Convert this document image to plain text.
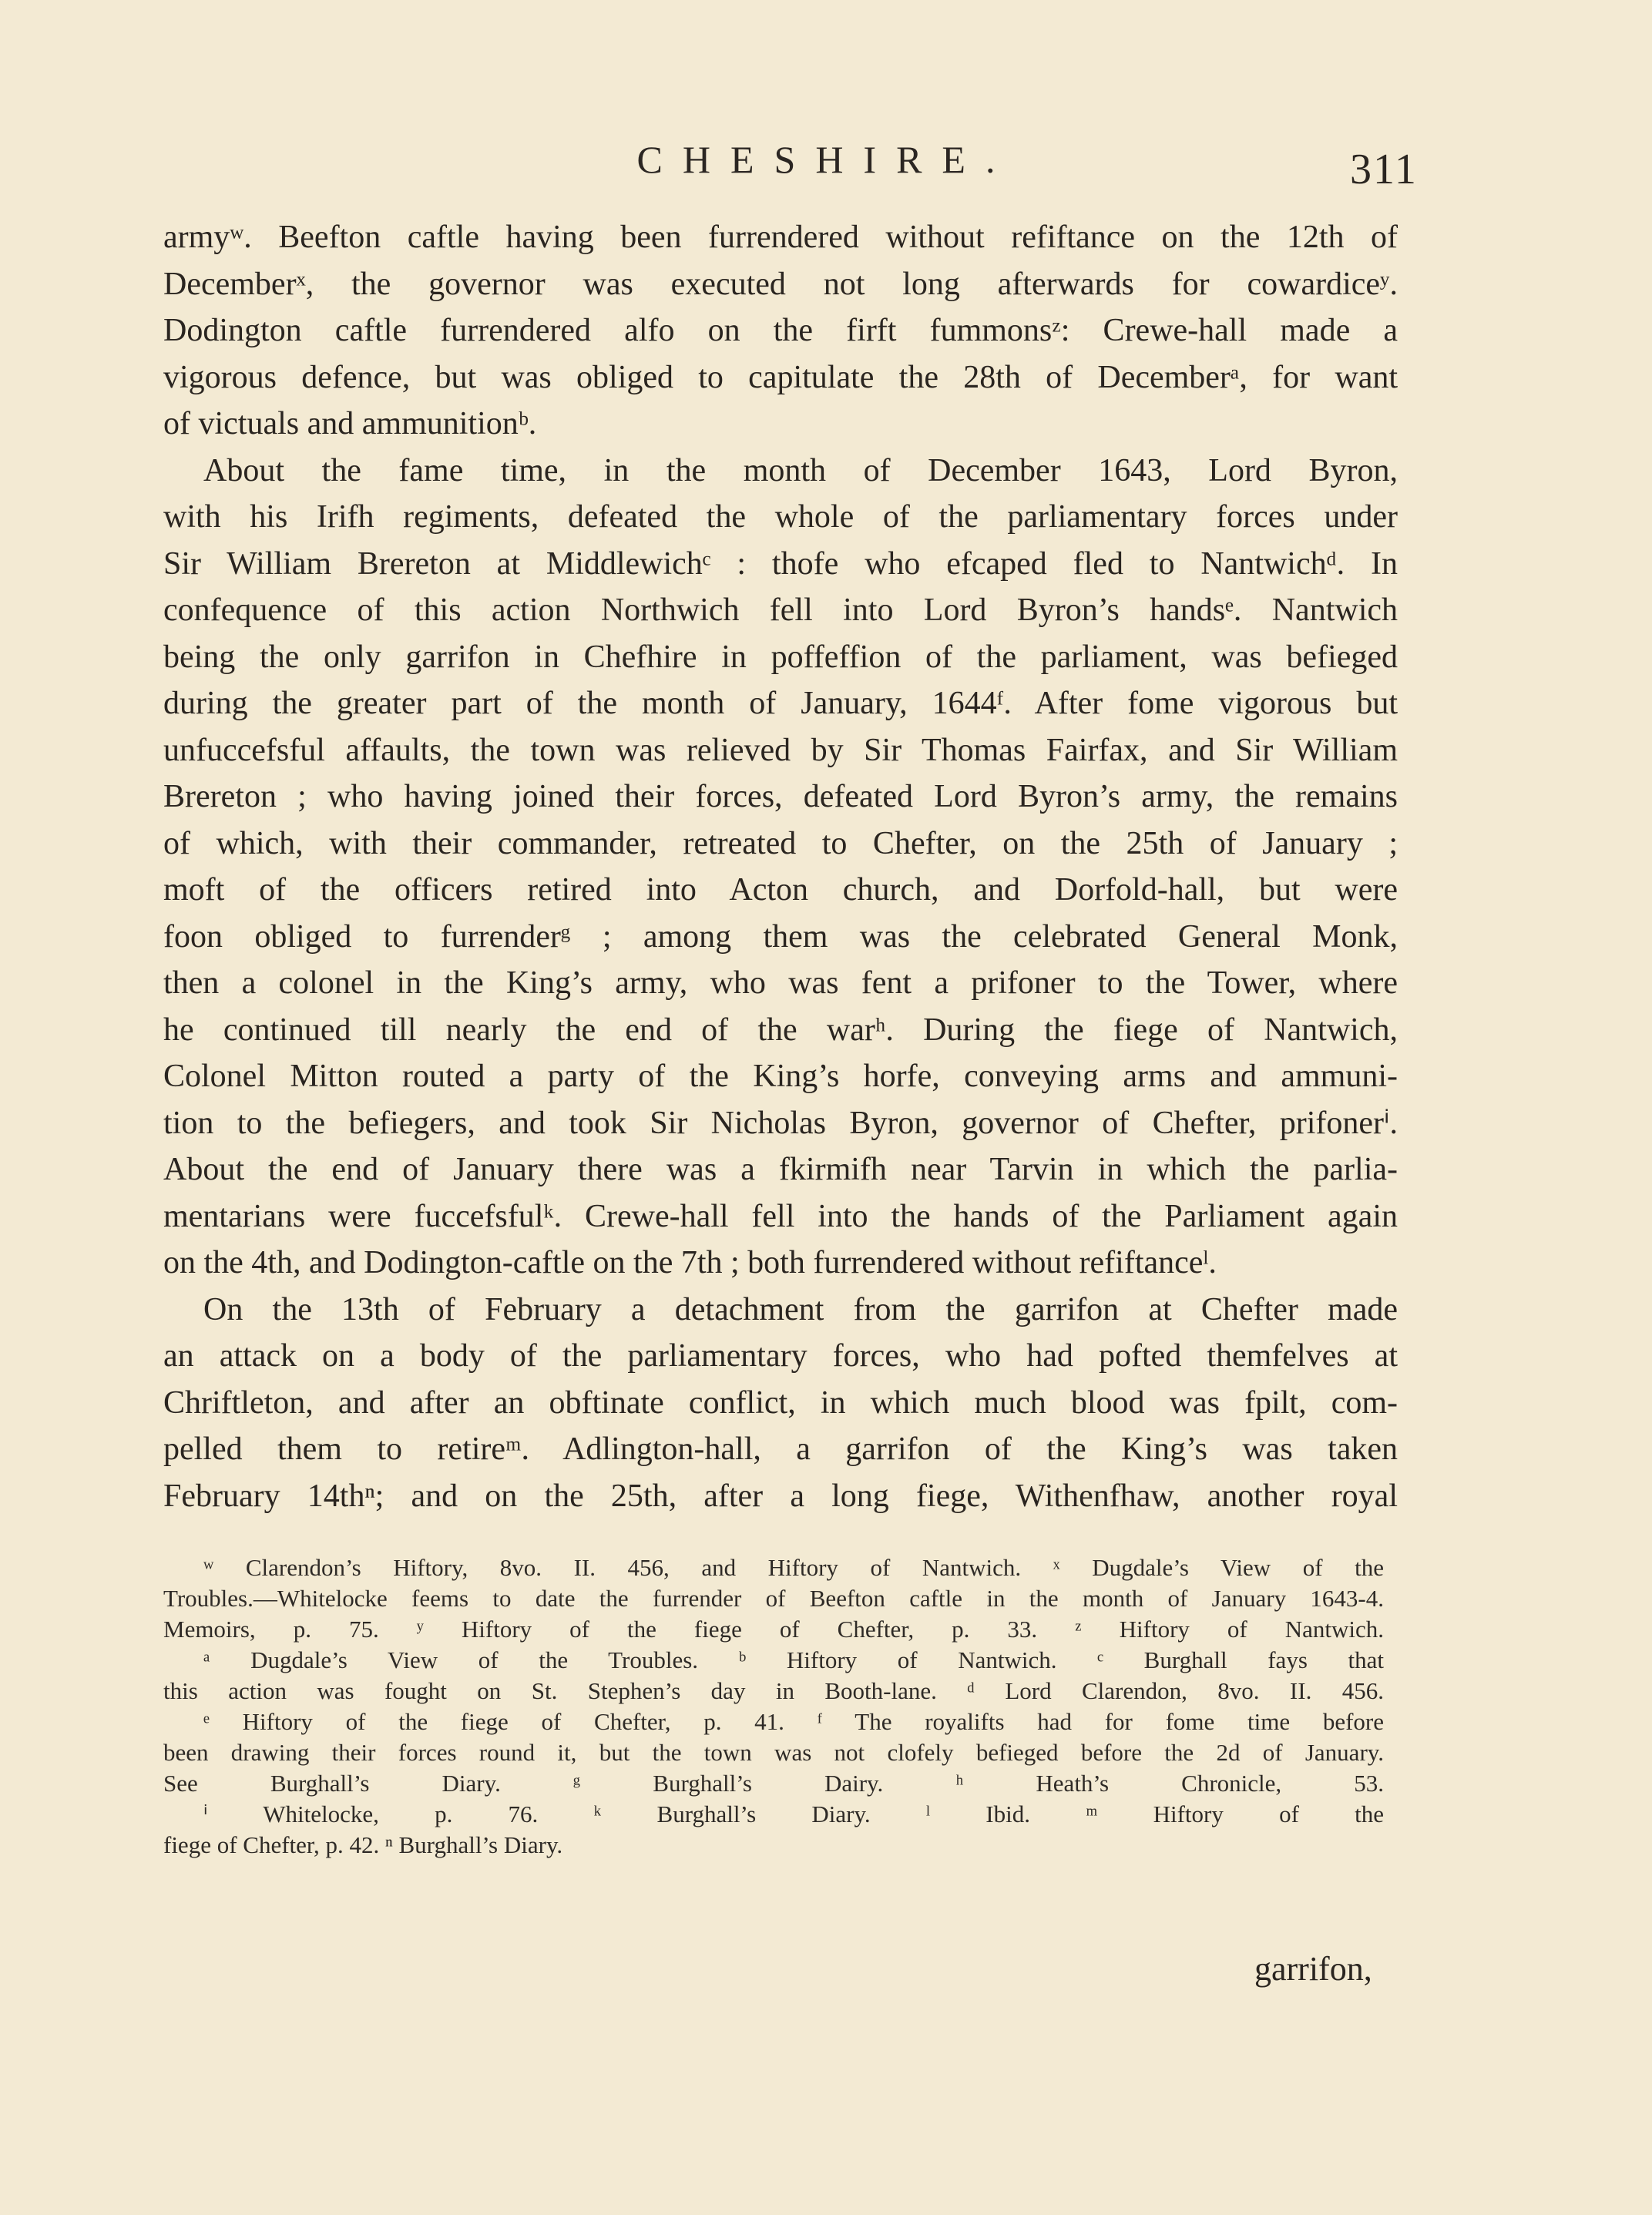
CHESHIRE.	311
armyʷ. Beefton caftle having been furrendered without refiftance on the 12th of
Decemberˣ, the governor was executed not long afterwards for cowardiceʸ.
Dodington caftle furrendered alfo on the firft fummonsᶻ: Crewe-hall made a
vigorous defence, but was obliged to capitulate the 28th of Decemberᵃ, for want
of victuals and ammunitionᵇ.
About the fame time, in the month of December 1643, Lord Byron,
with his Irifh regiments, defeated the whole of the parliamentary forces under
Sir William Brereton at Middlewichᶜ : thofe who efcaped fled to Nantwichᵈ. In
confequence of this action Northwich fell into Lord Byron’s handsᵉ. Nantwich
being the only garrifon in Chefhire in poffeffion of the parliament, was befieged
during the greater part of the month of January, 1644ᶠ. After fome vigorous but
unfuccefsful affaults, the town was relieved by Sir Thomas Fairfax, and Sir William
Brereton ; who having joined their forces, defeated Lord Byron’s army, the remains
of which, with their commander, retreated to Chefter, on the 25th of January ;
moft of the officers retired into Acton church, and Dorfold-hall, but were
foon obliged to furrenderᵍ ; among them was the celebrated General Monk,
then a colonel in the King’s army, who was fent a prifoner to the Tower, where
he continued till nearly the end of the warʰ. During the fiege of Nantwich,
Colonel Mitton routed a party of the King’s horfe, conveying arms and ammuni-
tion to the befiegers, and took Sir Nicholas Byron, governor of Chefter, prifonerⁱ.
About the end of January there was a fkirmifh near Tarvin in which the parlia-
mentarians were fuccefsfulᵏ. Crewe-hall fell into the hands of the Parliament again
on the 4th, and Dodington-caftle on the 7th ; both furrendered without refiftanceˡ.
On the 13th of February a detachment from the garrifon at Chefter made
an attack on a body of the parliamentary forces, who had pofted themfelves at
Chriftleton, and after an obftinate conflict, in which much blood was fpilt, com-
pelled them to retireᵐ. Adlington-hall, a garrifon of the King’s was taken
February 14thⁿ; and on the 25th, after a long fiege, Withenfhaw, another royal
ʷ Clarendon’s Hiftory, 8vo. II. 456, and Hiftory of Nantwich. ˣ Dugdale’s View of the
Troubles.—Whitelocke feems to date the furrender of Beefton caftle in the month of January 1643-4.
Memoirs, p. 75. ʸ Hiftory of the fiege of Chefter, p. 33. ᶻ Hiftory of Nantwich.
ᵃ Dugdale’s View of the Troubles. ᵇ Hiftory of Nantwich. ᶜ Burghall fays that
this action was fought on St. Stephen’s day in Booth-lane. ᵈ Lord Clarendon, 8vo. II. 456.
ᵉ Hiftory of the fiege of Chefter, p. 41. ᶠ The royalifts had for fome time before
been drawing their forces round it, but the town was not clofely befieged before the 2d of January.
See Burghall’s Diary. ᵍ Burghall’s Dairy. ʰ Heath’s Chronicle, 53.
ⁱ Whitelocke, p. 76. ᵏ Burghall’s Diary. ˡ Ibid. ᵐ Hiftory of the
fiege of Chefter, p. 42. ⁿ Burghall’s Diary.
garrifon,
